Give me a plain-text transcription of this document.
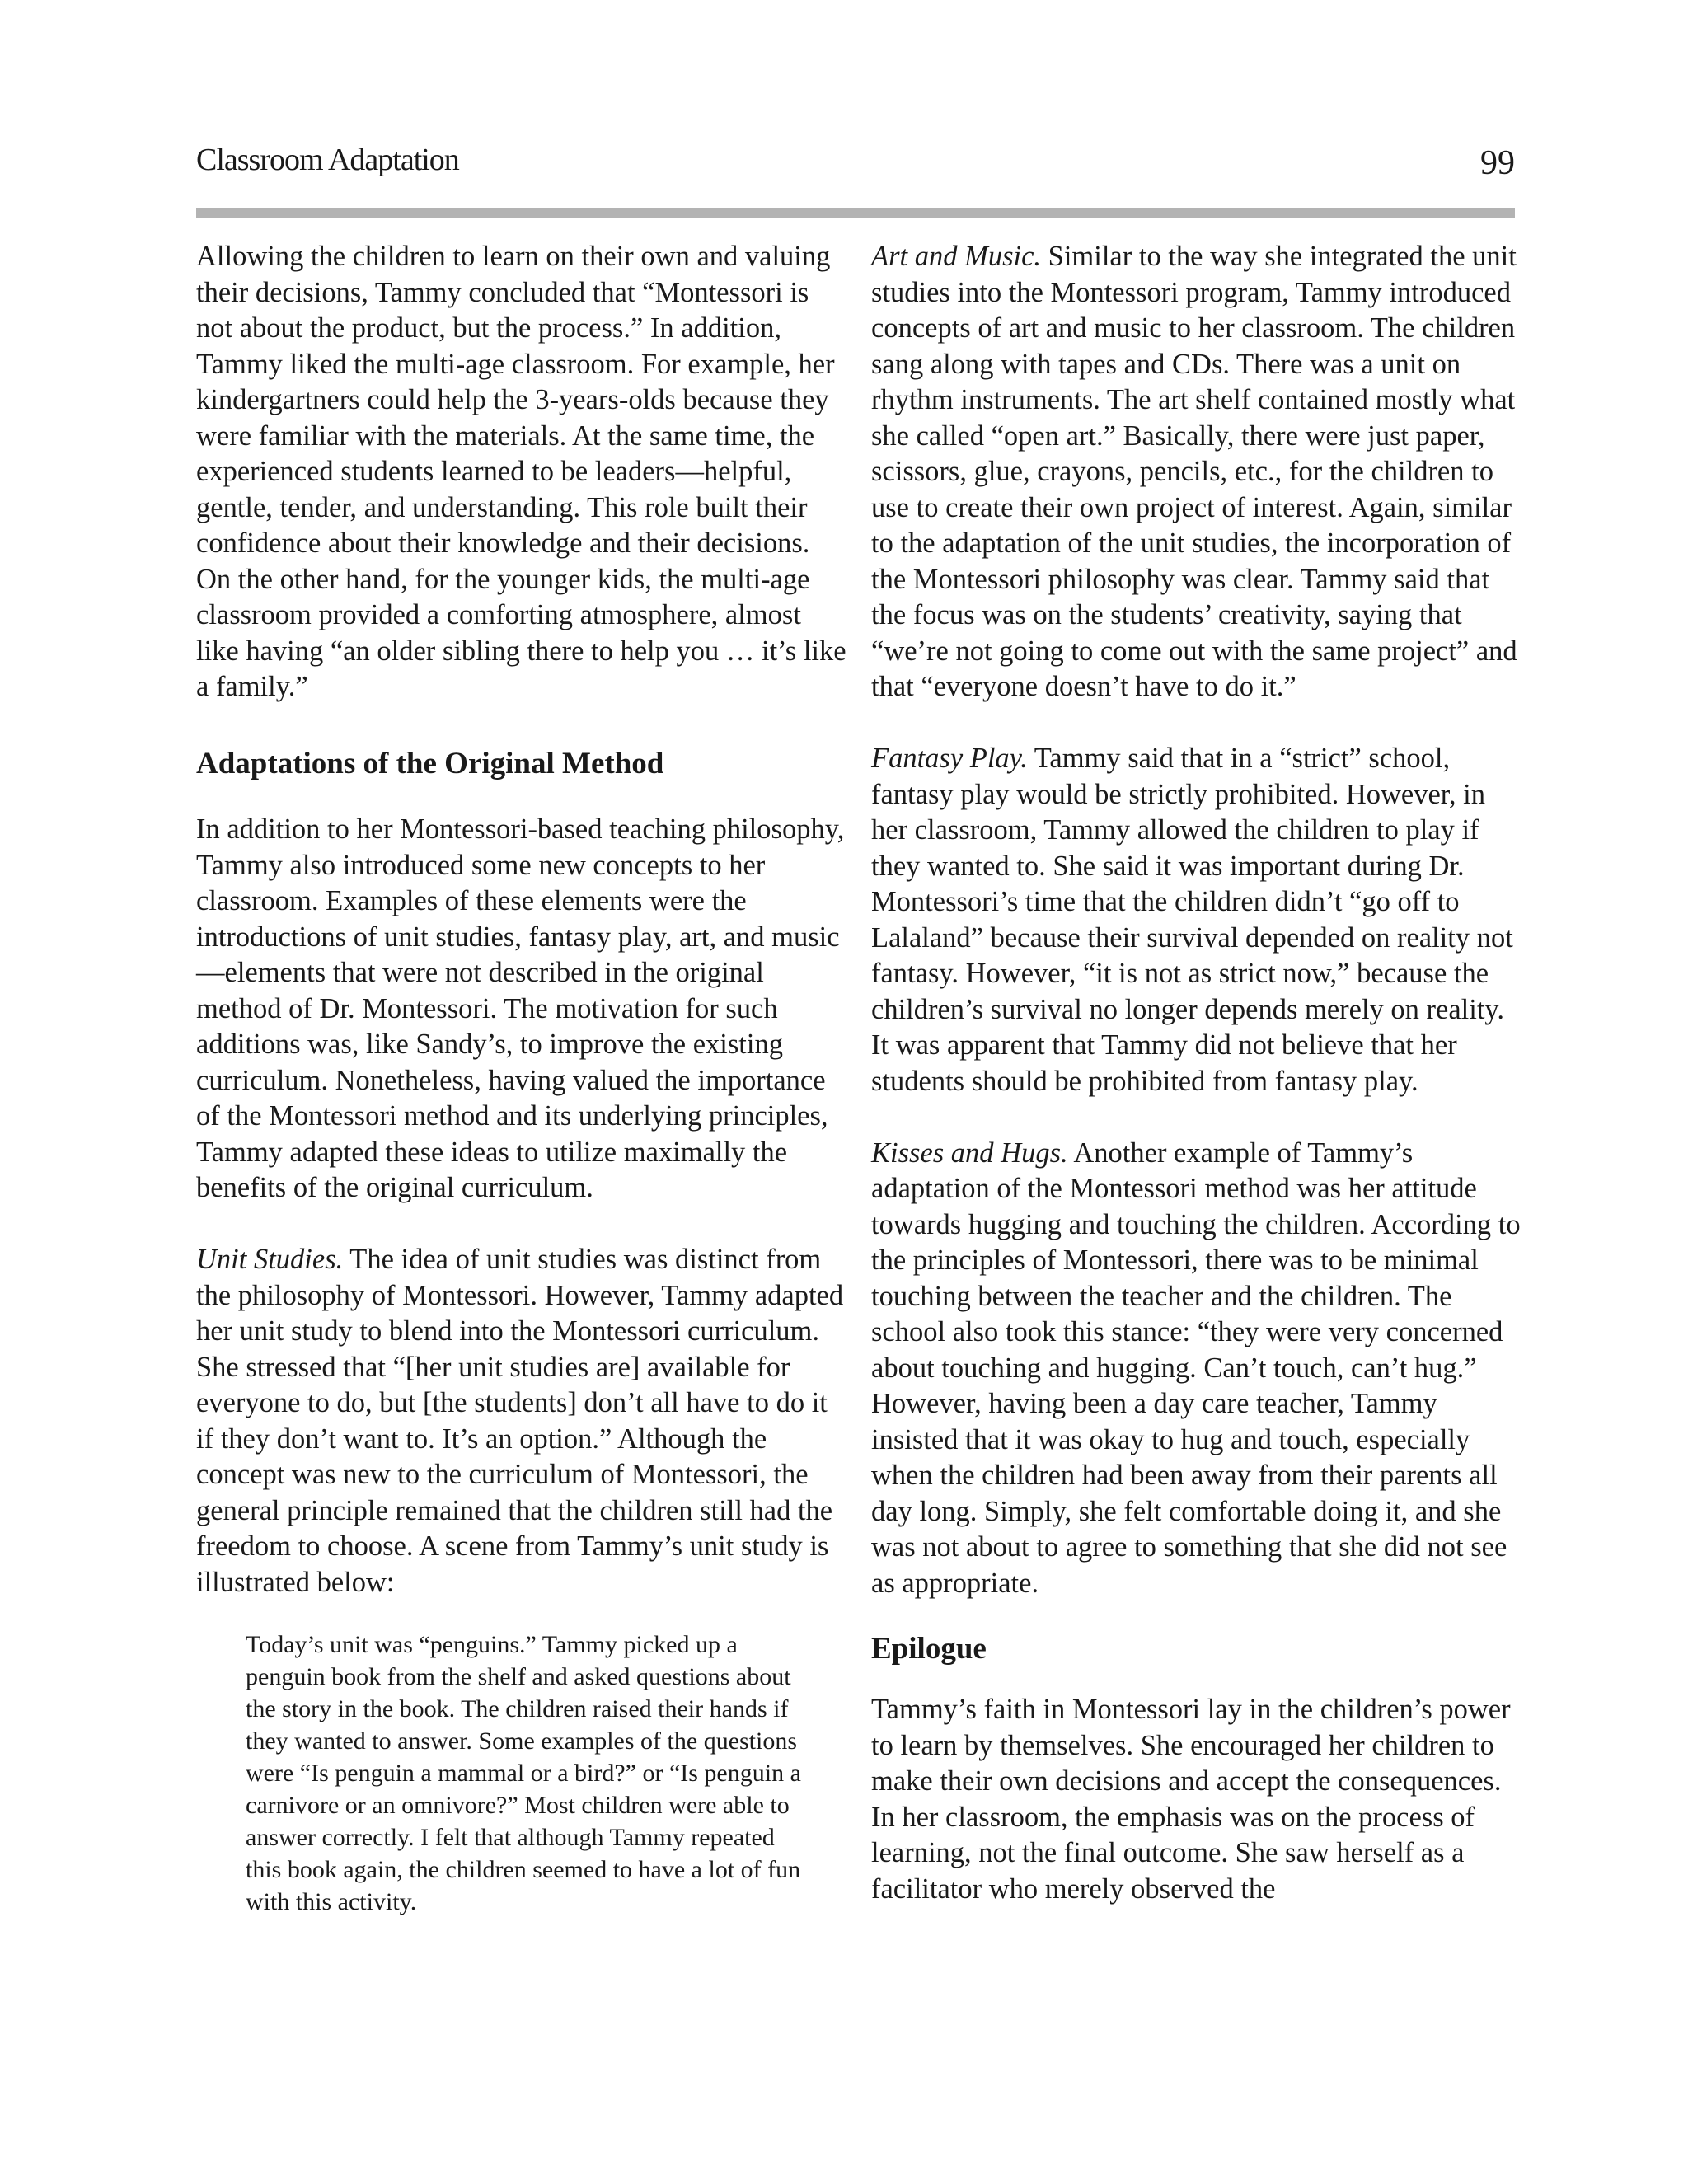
Classroom Adaptation	99

Allowing the children to learn on their own and valuing their decisions, Tammy concluded that “Montessori is not about the product, but the process.” In addition, Tammy liked the multi-age classroom. For example, her kindergartners could help the 3-years-olds because they were familiar with the materials. At the same time, the experienced students learned to be leaders—helpful, gentle, tender, and understanding. This role built their confidence about their knowledge and their decisions. On the other hand, for the younger kids, the multi-age classroom provided a comforting atmosphere, almost like having “an older sibling there to help you … it’s like a family.”

Adaptations of the Original Method

In addition to her Montessori-based teaching philosophy, Tammy also introduced some new concepts to her classroom. Examples of these elements were the introductions of unit studies, fantasy play, art, and music—elements that were not described in the original method of Dr. Montessori. The motivation for such additions was, like Sandy’s, to improve the existing curriculum. Nonetheless, having valued the importance of the Montessori method and its underlying principles, Tammy adapted these ideas to utilize maximally the benefits of the original curriculum.

Unit Studies. The idea of unit studies was distinct from the philosophy of Montessori. However, Tammy adapted her unit study to blend into the Montessori curriculum. She stressed that “[her unit studies are] available for everyone to do, but [the students] don’t all have to do it if they don’t want to. It’s an option.” Although the concept was new to the curriculum of Montessori, the general principle remained that the children still had the freedom to choose. A scene from Tammy’s unit study is illustrated below:

Today’s unit was “penguins.” Tammy picked up a penguin book from the shelf and asked questions about the story in the book. The children raised their hands if they wanted to answer. Some examples of the questions were “Is penguin a mammal or a bird?” or “Is penguin a carnivore or an omnivore?” Most children were able to answer correctly. I felt that although Tammy repeated this book again, the children seemed to have a lot of fun with this activity.

Art and Music. Similar to the way she integrated the unit studies into the Montessori program, Tammy introduced concepts of art and music to her classroom. The children sang along with tapes and CDs. There was a unit on rhythm instruments. The art shelf contained mostly what she called “open art.” Basically, there were just paper, scissors, glue, crayons, pencils, etc., for the children to use to create their own project of interest. Again, similar to the adaptation of the unit studies, the incorporation of the Montessori philosophy was clear. Tammy said that the focus was on the students’ creativity, saying that “we’re not going to come out with the same project” and that “everyone doesn’t have to do it.”

Fantasy Play. Tammy said that in a “strict” school, fantasy play would be strictly prohibited. However, in her classroom, Tammy allowed the children to play if they wanted to. She said it was important during Dr. Montessori’s time that the children didn’t “go off to Lalaland” because their survival depended on reality not fantasy. However, “it is not as strict now,” because the children’s survival no longer depends merely on reality. It was apparent that Tammy did not believe that her students should be prohibited from fantasy play.

Kisses and Hugs. Another example of Tammy’s adaptation of the Montessori method was her attitude towards hugging and touching the children. According to the principles of Montessori, there was to be minimal touching between the teacher and the children. The school also took this stance: “they were very concerned about touching and hugging. Can’t touch, can’t hug.” However, having been a day care teacher, Tammy insisted that it was okay to hug and touch, especially when the children had been away from their parents all day long. Simply, she felt comfortable doing it, and she was not about to agree to something that she did not see as appropriate.

Epilogue

Tammy’s faith in Montessori lay in the children’s power to learn by themselves. She encouraged her children to make their own decisions and accept the consequences. In her classroom, the emphasis was on the process of learning, not the final outcome. She saw herself as a facilitator who merely observed the
